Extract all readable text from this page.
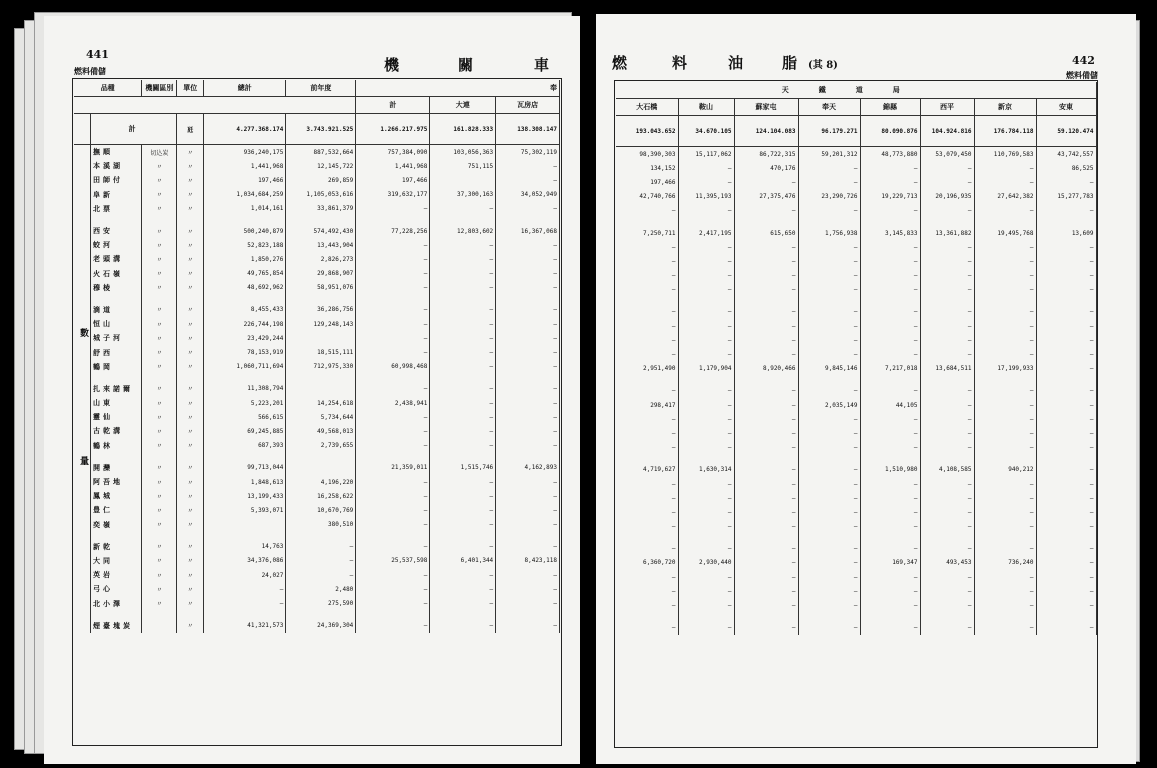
441
燃料備儲	機	關	車
數
量
品種		機關區別	單位	總計	前年度	奉		
						計	大連	瓦房店
	計		瓩	4.277.368.174	3.743.921.525	1.266.217.975	161.828.333	138.308.147
	撫順	切込炭	〃	936,240,175	887,532,664	757,384,090	103,056,363	75,302,119
	本溪湖	〃	〃	1,441,968	12,145,722	1,441,968	751,115	—
	田師付	〃	〃	197,466	269,859	197,466		—
	阜新	〃	〃	1,034,684,259	1,105,053,616	319,632,177	37,300,163	34,052,949
	北票	〃	〃	1,014,161	33,861,379	—	—	—

	西安	〃	〃	500,240,879	574,492,430	77,228,256	12,803,602	16,367,068
	蛟河	〃	〃	52,823,188	13,443,904	—	—	—
	老頭溝	〃	〃	1,850,276	2,826,273	—	—	—
	火石嶺	〃	〃	49,765,854	29,868,907	—	—	—
	穆棱	〃	〃	48,692,962	58,951,076	—	—	—

	滴道	〃	〃	8,455,433	36,286,756	—	—	—
	恒山	〃	〃	226,744,198	129,248,143	—	—	—
	城子河	〃	〃	23,429,244		—	—	—
	舒西	〃	〃	78,153,919	18,515,111	—	—	—
	鶴岡	〃	〃	1,060,711,694	712,975,330	60,998,468	—	—

	扎來諾爾	〃	〃	11,308,794		—	—	—
	山東	〃	〃	5,223,201	14,254,618	2,438,941	—	—
	靈仙	〃	〃	566,615	5,734,644	—	—	—
	古乾溝	〃	〃	69,245,885	49,568,013	—	—	—
	鶴林	〃	〃	687,393	2,739,655	—	—	—

	開灤	〃	〃	99,713,044		21,359,011	1,515,746	4,162,893
	阿吾地	〃	〃	1,848,613	4,196,220	—	—	—
	鳳城	〃	〃	13,199,433	16,258,622	—	—	—
	豊仁	〃	〃	5,393,071	10,670,769	—	—	—
	奕嶺	〃	〃		380,510	—	—	—

	新乾	〃	〃	14,763	—	—	—	—
	大同	〃	〃	34,376,086	—	25,537,598	6,401,344	8,423,118
	英岩	〃	〃	24,027	—	—	—	—
	弓心	〃	〃	—	2,480	—	—	—
	北小澤	〃	〃	—	275,590	—	—	—

	煙臺塊炭		〃	41,321,573	24,369,304	—	—	—
燃	料	油	脂 (其 8)	442
燃料備儲
天鐵道局							
大石橋	鞍山	蘇家屯	奉天	錦縣	西平	新京	安東
193.043.652	34.670.105	124.104.083	96.179.271	80.090.876	104.924.816	176.784.118	59.120.474
98,390,303	15,117,062	86,722,315	59,201,312	48,773,880	53,079,450	110,769,583	43,742,557
134,152	—	470,176	—	—	—	—	86,525
197,466	—	—	—	—	—	—	—
42,740,766	11,395,193	27,375,476	23,290,726	19,229,713	20,196,935	27,642,382	15,277,783
—	—	—	—	—	—	—	—

7,250,711	2,417,195	615,650	1,756,938	3,145,833	13,361,882	19,495,768	13,609
—	—	—	—	—	—	—	—
—	—	—	—	—	—	—	—
—	—	—	—	—	—	—	—
—	—	—	—	—	—	—	—

—	—	—	—	—	—	—	—
—	—	—	—	—	—	—	—
—	—	—	—	—	—	—	—
—	—	—	—	—	—	—	—
2,951,490	1,179,904	8,920,466	9,845,146	7,217,018	13,684,511	17,199,933	—

—	—	—	—	—	—	—	—
298,417	—	—	2,035,149	44,105	—	—	—
—	—	—	—	—	—	—	—
—	—	—	—	—	—	—	—
—	—	—	—	—	—	—	—

4,719,627	1,630,314	—	—	1,510,980	4,108,585	940,212	—
—	—	—	—	—	—	—	—
—	—	—	—	—	—	—	—
—	—	—	—	—	—	—	—
—	—	—	—	—	—	—	—

—	—	—	—	—	—	—	—
6,360,720	2,930,440	—	—	169,347	493,453	736,240	—
—	—	—	—	—	—	—	—
—	—	—	—	—	—	—	—
—	—	—	—	—	—	—	—

—	—	—	—	—	—	—	—
